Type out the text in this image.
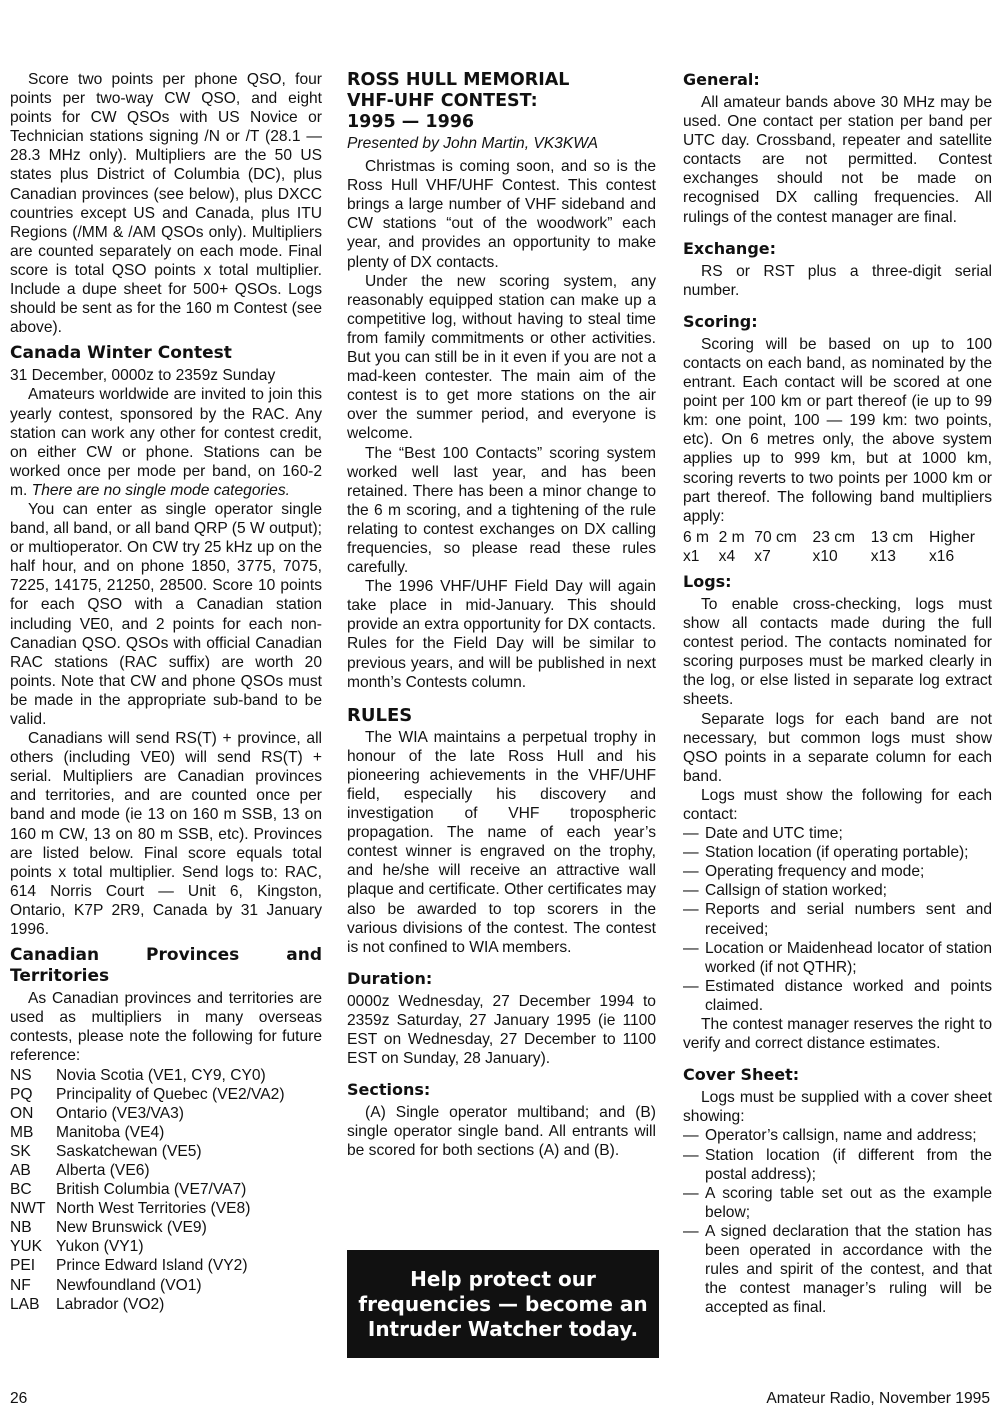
Score two points per phone QSO, four points per two-way CW QSO, and eight points for CW QSOs with US Novice or Technician stations signing /N or /T (28.1 — 28.3 MHz only). Multipliers are the 50 US states plus District of Columbia (DC), plus Canadian provinces (see below), plus DXCC countries except US and Canada, plus ITU Regions (/MM & /AM QSOs only). Multipliers are counted separately on each mode. Final score is total QSO points x total multiplier. Include a dupe sheet for 500+ QSOs. Logs should be sent as for the 160 m Contest (see above).

Canada Winter Contest

31 December, 0000z to 2359z Sunday

Amateurs worldwide are invited to join this yearly contest, sponsored by the RAC. Any station can work any other for contest credit, on either CW or phone. Stations can be worked once per mode per band, on 160-2 m. There are no single mode categories.

You can enter as single operator single band, all band, or all band QRP (5 W output); or multioperator. On CW try 25 kHz up on the half hour, and on phone 1850, 3775, 7075, 7225, 14175, 21250, 28500. Score 10 points for each QSO with a Canadian station including VE0, and 2 points for each non-Canadian QSO. QSOs with official Canadian RAC stations (RAC suffix) are worth 20 points. Note that CW and phone QSOs must be made in the appropriate sub-band to be valid.

Canadians will send RS(T) + province, all others (including VE0) will send RS(T) + serial. Multipliers are Canadian provinces and territories, and are counted once per band and mode (ie 13 on 160 m SSB, 13 on 160 m CW, 13 on 80 m SSB, etc). Provinces are listed below. Final score equals total points x total multiplier. Send logs to: RAC, 614 Norris Court — Unit 6, Kingston, Ontario, K7P 2R9, Canada by 31 January 1996.

Canadian Provinces and Territories

As Canadian provinces and territories are used as multipliers in many overseas contests, please note the following for future reference:

NS	Novia Scotia (VE1, CY9, CY0)
PQ	Principality of Quebec (VE2/VA2)
ON	Ontario (VE3/VA3)
MB	Manitoba (VE4)
SK	Saskatchewan (VE5)
AB	Alberta (VE6)
BC	British Columbia (VE7/VA7)
NWT North West Territories (VE8)
NB	New Brunswick (VE9)
YUK Yukon (VY1)
PEI	Prince Edward Island (VY2)
NF	Newfoundland (VO1)
LAB	Labrador (VO2)
ROSS HULL MEMORIAL
VHF-UHF CONTEST:
1995 — 1996
Presented by John Martin, VK3KWA

Christmas is coming soon, and so is the Ross Hull VHF/UHF Contest. This contest brings a large number of VHF sideband and CW stations “out of the woodwork” each year, and provides an opportunity to make plenty of DX contacts.

Under the new scoring system, any reasonably equipped station can make up a competitive log, without having to steal time from family commitments or other activities. But you can still be in it even if you are not a mad-keen contester. The main aim of the contest is to get more stations on the air over the summer period, and everyone is welcome.

The “Best 100 Contacts” scoring system worked well last year, and has been retained. There has been a minor change to the 6 m scoring, and a tightening of the rule relating to contest exchanges on DX calling frequencies, so please read these rules carefully.

The 1996 VHF/UHF Field Day will again take place in mid-January. This should provide an extra opportunity for DX contacts. Rules for the Field Day will be similar to previous years, and will be published in next month’s Contests column.

RULES

The WIA maintains a perpetual trophy in honour of the late Ross Hull and his pioneering achievements in the VHF/UHF field, especially his discovery and investigation of VHF tropospheric propagation. The name of each year’s contest winner is engraved on the trophy, and he/she will receive an attractive wall plaque and certificate. Other certificates may also be awarded to top scorers in the various divisions of the contest. The contest is not confined to WIA members.

Duration:

0000z Wednesday, 27 December 1994 to 2359z Saturday, 27 January 1995 (ie 1100 EST on Wednesday, 27 December to 1100 EST on Sunday, 28 January).

Sections:

(A) Single operator multiband; and (B) single operator single band. All entrants will be scored for both sections (A) and (B).

Help protect our frequencies — become an Intruder Watcher today.
General:

All amateur bands above 30 MHz may be used. One contact per station per band per UTC day. Crossband, repeater and satellite contacts are not permitted. Contest exchanges should not be made on recognised DX calling frequencies. All rulings of the contest manager are final.

Exchange:

RS or RST plus a three-digit serial number.

Scoring:

Scoring will be based on up to 100 contacts on each band, as nominated by the entrant. Each contact will be scored at one point per 100 km or part thereof (ie up to 99 km: one point, 100 — 199 km: two points, etc). On 6 metres only, the above system applies up to 999 km, but at 1000 km, scoring reverts to two points per 1000 km or part thereof. The following band multipliers apply:

6 m	2 m	70 cm	23 cm	13 cm	Higher
x1	x4	x7	x10	x13	x16
Logs:

To enable cross-checking, logs must show all contacts made during the full contest period. The contacts nominated for scoring purposes must be marked clearly in the log, or else listed in separate log extract sheets.

Separate logs for each band are not necessary, but common logs must show QSO points in a separate column for each band.

Logs must show the following for each contact:

— Date and UTC time;
— Station location (if operating portable);
— Operating frequency and mode;
— Callsign of station worked;
— Reports and serial numbers sent and received;
— Location or Maidenhead locator of station worked (if not QTHR);
— Estimated distance worked and points claimed.

The contest manager reserves the right to verify and correct distance estimates.

Cover Sheet:

Logs must be supplied with a cover sheet showing:

— Operator’s callsign, name and address;
— Station location (if different from the postal address);
— A scoring table set out as the example below;
— A signed declaration that the station has been operated in accordance with the rules and spirit of the contest, and that the contest manager’s ruling will be accepted as final.
26	Amateur Radio, November 1995
